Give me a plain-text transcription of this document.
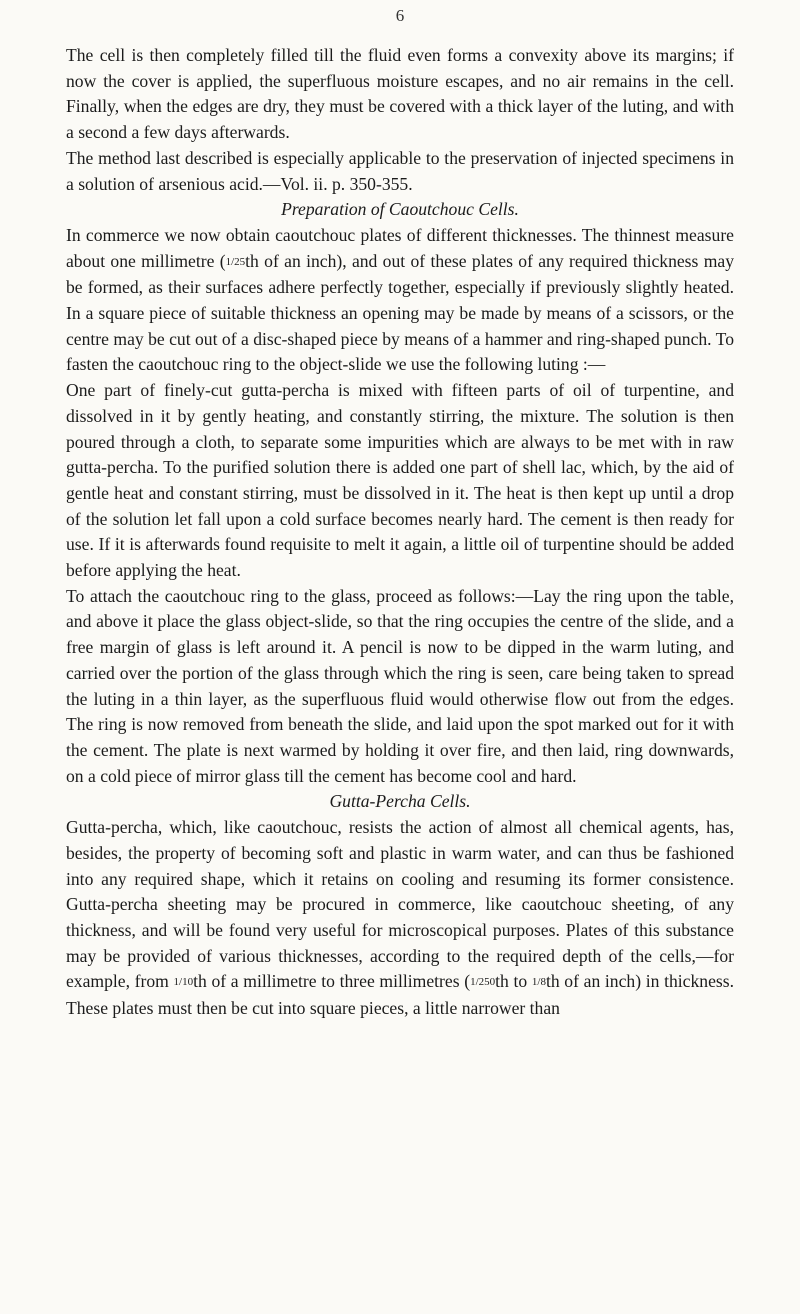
6

The cell is then completely filled till the fluid even forms a convexity above its margins; if now the cover is applied, the superfluous moisture escapes, and no air remains in the cell. Finally, when the edges are dry, they must be covered with a thick layer of the luting, and with a second a few days afterwards.

The method last described is especially applicable to the preservation of injected specimens in a solution of arsenious acid.—Vol. ii. p. 350-355.

Preparation of Caoutchouc Cells.

In commerce we now obtain caoutchouc plates of different thicknesses. The thinnest measure about one millimetre (1/25th of an inch), and out of these plates of any required thickness may be formed, as their surfaces adhere perfectly together, especially if previously slightly heated. In a square piece of suitable thickness an opening may be made by means of a scissors, or the centre may be cut out of a disc-shaped piece by means of a hammer and ring-shaped punch. To fasten the caoutchouc ring to the object-slide we use the following luting :—

One part of finely-cut gutta-percha is mixed with fifteen parts of oil of turpentine, and dissolved in it by gently heating, and constantly stirring, the mixture. The solution is then poured through a cloth, to separate some impurities which are always to be met with in raw gutta-percha. To the purified solution there is added one part of shell lac, which, by the aid of gentle heat and constant stirring, must be dissolved in it. The heat is then kept up until a drop of the solution let fall upon a cold surface becomes nearly hard. The cement is then ready for use. If it is afterwards found requisite to melt it again, a little oil of turpentine should be added before applying the heat.

To attach the caoutchouc ring to the glass, proceed as follows:—Lay the ring upon the table, and above it place the glass object-slide, so that the ring occupies the centre of the slide, and a free margin of glass is left around it. A pencil is now to be dipped in the warm luting, and carried over the portion of the glass through which the ring is seen, care being taken to spread the luting in a thin layer, as the superfluous fluid would otherwise flow out from the edges. The ring is now removed from beneath the slide, and laid upon the spot marked out for it with the cement. The plate is next warmed by holding it over fire, and then laid, ring downwards, on a cold piece of mirror glass till the cement has become cool and hard.

Gutta-Percha Cells.

Gutta-percha, which, like caoutchouc, resists the action of almost all chemical agents, has, besides, the property of becoming soft and plastic in warm water, and can thus be fashioned into any required shape, which it retains on cooling and resuming its former consistence. Gutta-percha sheeting may be procured in commerce, like caoutchouc sheeting, of any thickness, and will be found very useful for microscopical purposes. Plates of this substance may be provided of various thicknesses, according to the required depth of the cells,—for example, from 1/10th of a millimetre to three millimetres (1/250th to 1/8th of an inch) in thickness. These plates must then be cut into square pieces, a little narrower than
